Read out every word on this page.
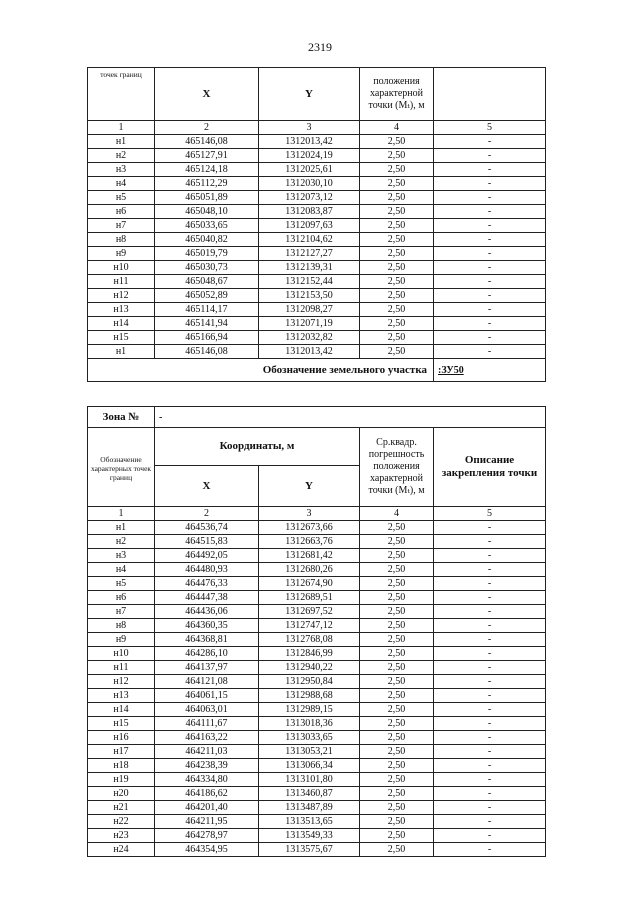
2319
точек границ	X	Y	положения характерной точки (Mₜ), м	
1	2	3	4	5
н1	465146,08	1312013,42	2,50	-
н2	465127,91	1312024,19	2,50	-
н3	465124,18	1312025,61	2,50	-
н4	465112,29	1312030,10	2,50	-
н5	465051,89	1312073,12	2,50	-
н6	465048,10	1312083,87	2,50	-
н7	465033,65	1312097,63	2,50	-
н8	465040,82	1312104,62	2,50	-
н9	465019,79	1312127,27	2,50	-
н10	465030,73	1312139,31	2,50	-
н11	465048,67	1312152,44	2,50	-
н12	465052,89	1312153,50	2,50	-
н13	465114,17	1312098,27	2,50	-
н14	465141,94	1312071,19	2,50	-
н15	465166,94	1312032,82	2,50	-
н1	465146,08	1312013,42	2,50	-
Обозначение земельного участка				:ЗУ50
Зона №	-			
Обозначение характерных точек границ	Координаты, м		Ср.квадр. погрешность положения характерной точки (Mₜ), м	Описание закрепления точки
	X	Y		
1	2	3	4	5
н1	464536,74	1312673,66	2,50	-
н2	464515,83	1312663,76	2,50	-
н3	464492,05	1312681,42	2,50	-
н4	464480,93	1312680,26	2,50	-
н5	464476,33	1312674,90	2,50	-
н6	464447,38	1312689,51	2,50	-
н7	464436,06	1312697,52	2,50	-
н8	464360,35	1312747,12	2,50	-
н9	464368,81	1312768,08	2,50	-
н10	464286,10	1312846,99	2,50	-
н11	464137,97	1312940,22	2,50	-
н12	464121,08	1312950,84	2,50	-
н13	464061,15	1312988,68	2,50	-
н14	464063,01	1312989,15	2,50	-
н15	464111,67	1313018,36	2,50	-
н16	464163,22	1313033,65	2,50	-
н17	464211,03	1313053,21	2,50	-
н18	464238,39	1313066,34	2,50	-
н19	464334,80	1313101,80	2,50	-
н20	464186,62	1313460,87	2,50	-
н21	464201,40	1313487,89	2,50	-
н22	464211,95	1313513,65	2,50	-
н23	464278,97	1313549,33	2,50	-
н24	464354,95	1313575,67	2,50	-
